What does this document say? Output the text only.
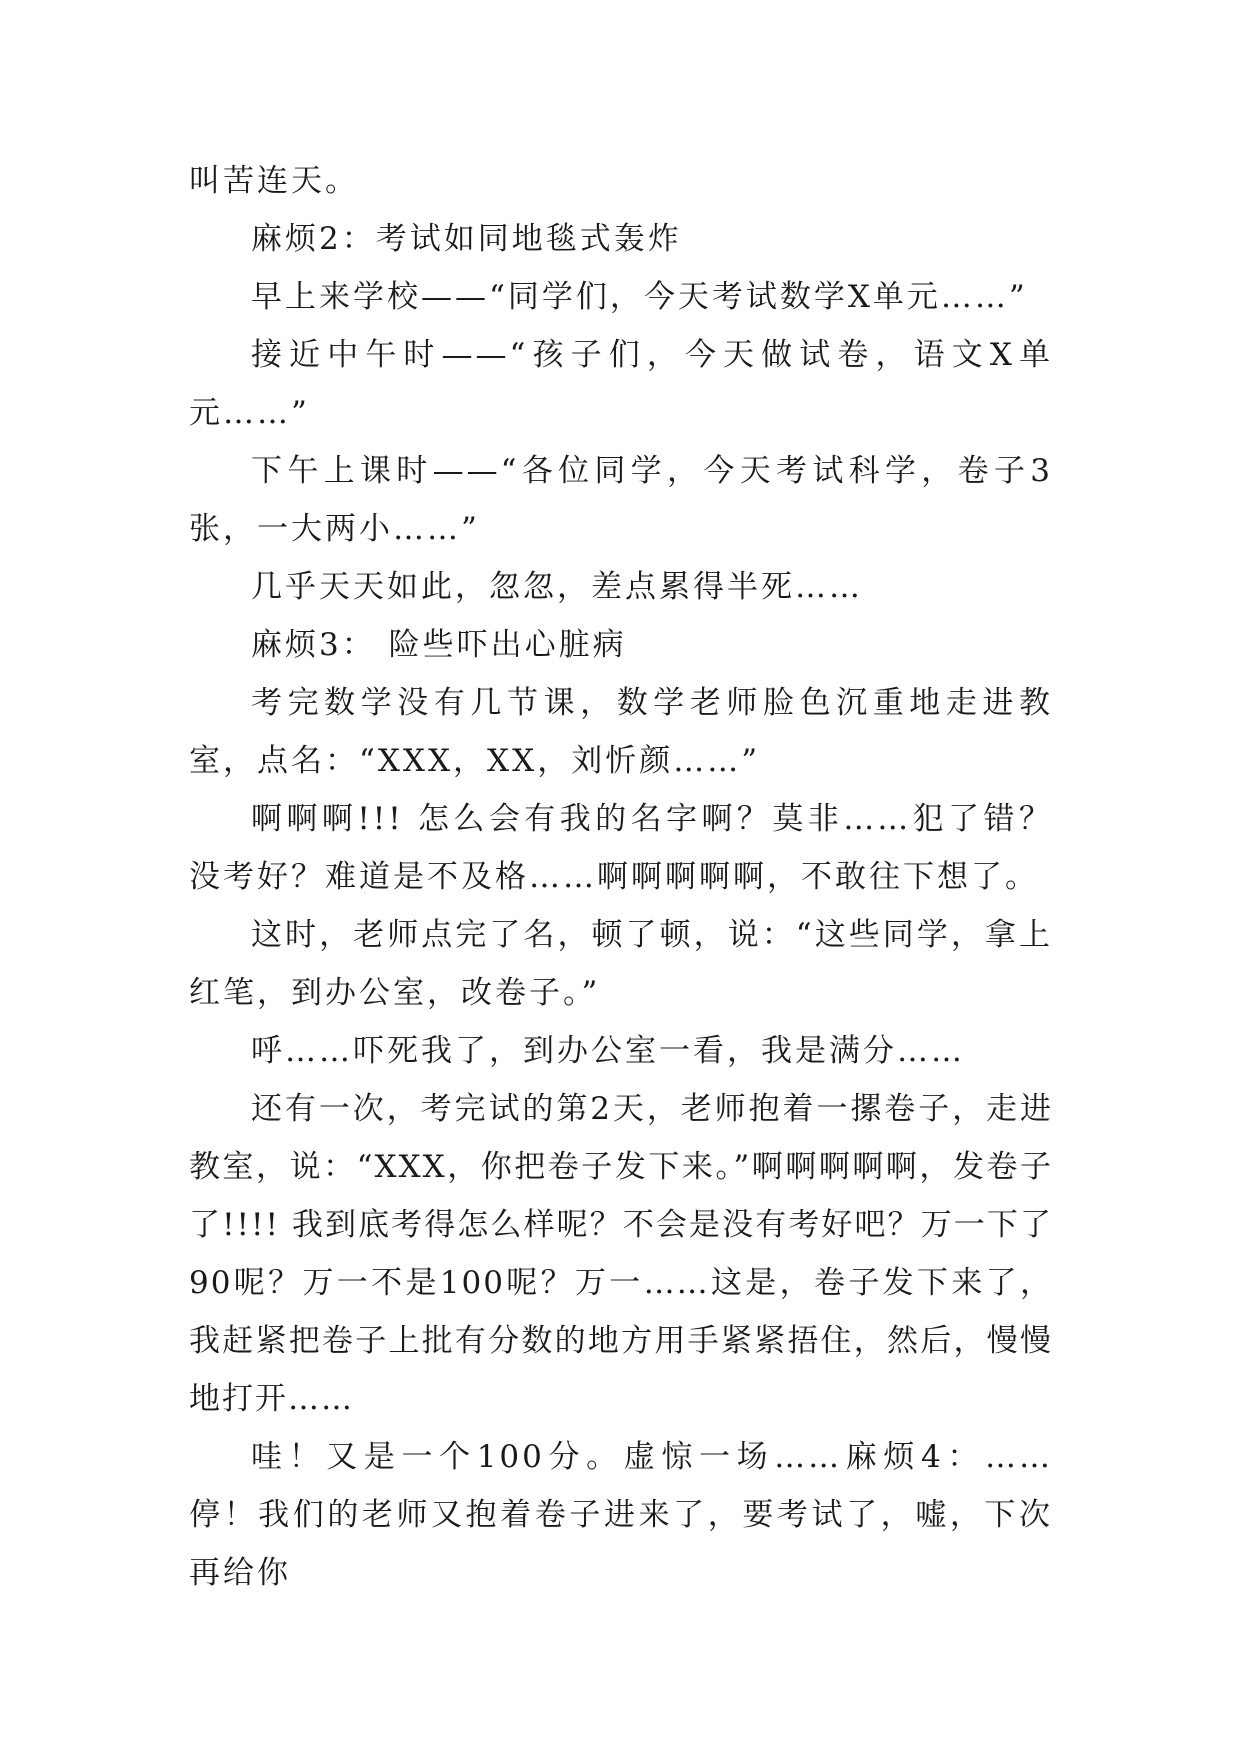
叫苦连天。

麻烦2：考试如同地毯式轰炸

早上来学校——“同学们，今天考试数学X单元……”

接近中午时——“孩子们，今天做试卷，语文X单元……”

下午上课时——“各位同学，今天考试科学，卷子3张，一大两小……”

几乎天天如此，忽忽，差点累得半死……

麻烦3： 险些吓出心脏病

考完数学没有几节课，数学老师脸色沉重地走进教室，点名：“XXX，XX，刘忻颜……”

啊啊啊!!! 怎么会有我的名字啊？莫非……犯了错？没考好？难道是不及格……啊啊啊啊啊，不敢往下想了。

这时，老师点完了名，顿了顿，说：“这些同学，拿上红笔，到办公室，改卷子。”

呼……吓死我了，到办公室一看，我是满分……

还有一次，考完试的第2天，老师抱着一摞卷子，走进教室，说：“XXX，你把卷子发下来。”啊啊啊啊啊，发卷子了!!!! 我到底考得怎么样呢？不会是没有考好吧？万一下了90呢？万一不是100呢？万一……这是，卷子发下来了，我赶紧把卷子上批有分数的地方用手紧紧捂住，然后，慢慢地打开……

哇！又是一个100分。虚惊一场……麻烦4：……停！我们的老师又抱着卷子进来了，要考试了，嘘，下次再给你
